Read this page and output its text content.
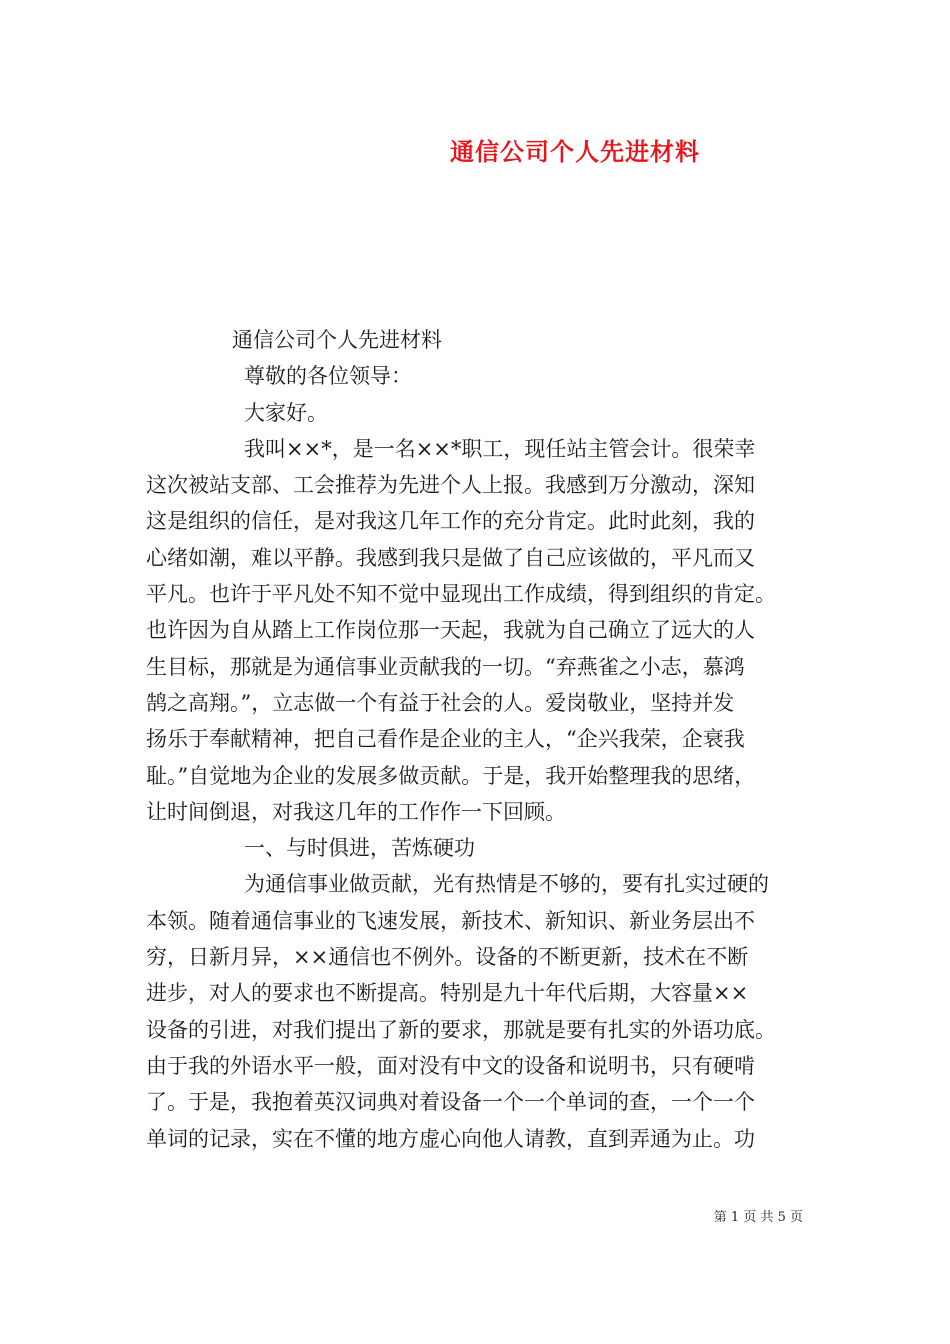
通信公司个人先进材料
通信公司个人先进材料
尊敬的各位领导：
大家好。
我叫××*，是一名××*职工，现任站主管会计。很荣幸
这次被站支部、工会推荐为先进个人上报。我感到万分激动，深知
这是组织的信任，是对我这几年工作的充分肯定。此时此刻，我的
心绪如潮，难以平静。我感到我只是做了自己应该做的，平凡而又
平凡。也许于平凡处不知不觉中显现出工作成绩，得到组织的肯定。
也许因为自从踏上工作岗位那一天起，我就为自己确立了远大的人
生目标，那就是为通信事业贡献我的一切。“弃燕雀之小志，慕鸿
鹄之高翔。”，立志做一个有益于社会的人。爱岗敬业，坚持并发
扬乐于奉献精神，把自己看作是企业的主人，“企兴我荣，企衰我
耻。”自觉地为企业的发展多做贡献。于是，我开始整理我的思绪，
让时间倒退，对我这几年的工作作一下回顾。
一、与时俱进，苦炼硬功
为通信事业做贡献，光有热情是不够的，要有扎实过硬的
本领。随着通信事业的飞速发展，新技术、新知识、新业务层出不
穷，日新月异，××通信也不例外。设备的不断更新，技术在不断
进步，对人的要求也不断提高。特别是九十年代后期，大容量××
设备的引进，对我们提出了新的要求，那就是要有扎实的外语功底。
由于我的外语水平一般，面对没有中文的设备和说明书，只有硬啃
了。于是，我抱着英汉词典对着设备一个一个单词的查，一个一个
单词的记录，实在不懂的地方虚心向他人请教，直到弄通为止。功
第 1 页 共 5 页
